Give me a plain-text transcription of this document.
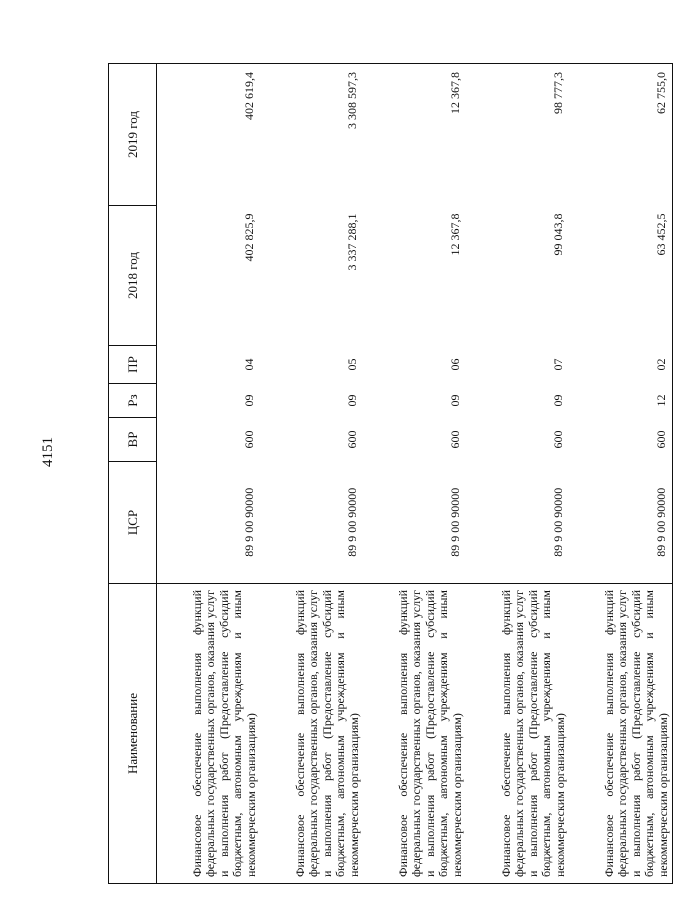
4151
Наименование	ЦСР	ВР	Рз	ПР	2018 год	2019 год
Финансовое обеспечение выполнения функций федеральных государственных органов, оказания услуг и выполнения работ (Предоставление субсидий бюджетным, автономным учреждениям и иным некоммерческим организациям)	89 9 00 90000	600	09	04	402 825,9	402 619,4
Финансовое обеспечение выполнения функций федеральных государственных органов, оказания услуг и выполнения работ (Предоставление субсидий бюджетным, автономным учреждениям и иным некоммерческим организациям)	89 9 00 90000	600	09	05	3 337 288,1	3 308 597,3
Финансовое обеспечение выполнения функций федеральных государственных органов, оказания услуг и выполнения работ (Предоставление субсидий бюджетным, автономным учреждениям и иным некоммерческим организациям)	89 9 00 90000	600	09	06	12 367,8	12 367,8
Финансовое обеспечение выполнения функций федеральных государственных органов, оказания услуг и выполнения работ (Предоставление субсидий бюджетным, автономным учреждениям и иным некоммерческим организациям)	89 9 00 90000	600	09	07	99 043,8	98 777,3
Финансовое обеспечение выполнения функций федеральных государственных органов, оказания услуг и выполнения работ (Предоставление субсидий бюджетным, автономным учреждениям и иным некоммерческим организациям)	89 9 00 90000	600	12	02	63 452,5	62 755,0
